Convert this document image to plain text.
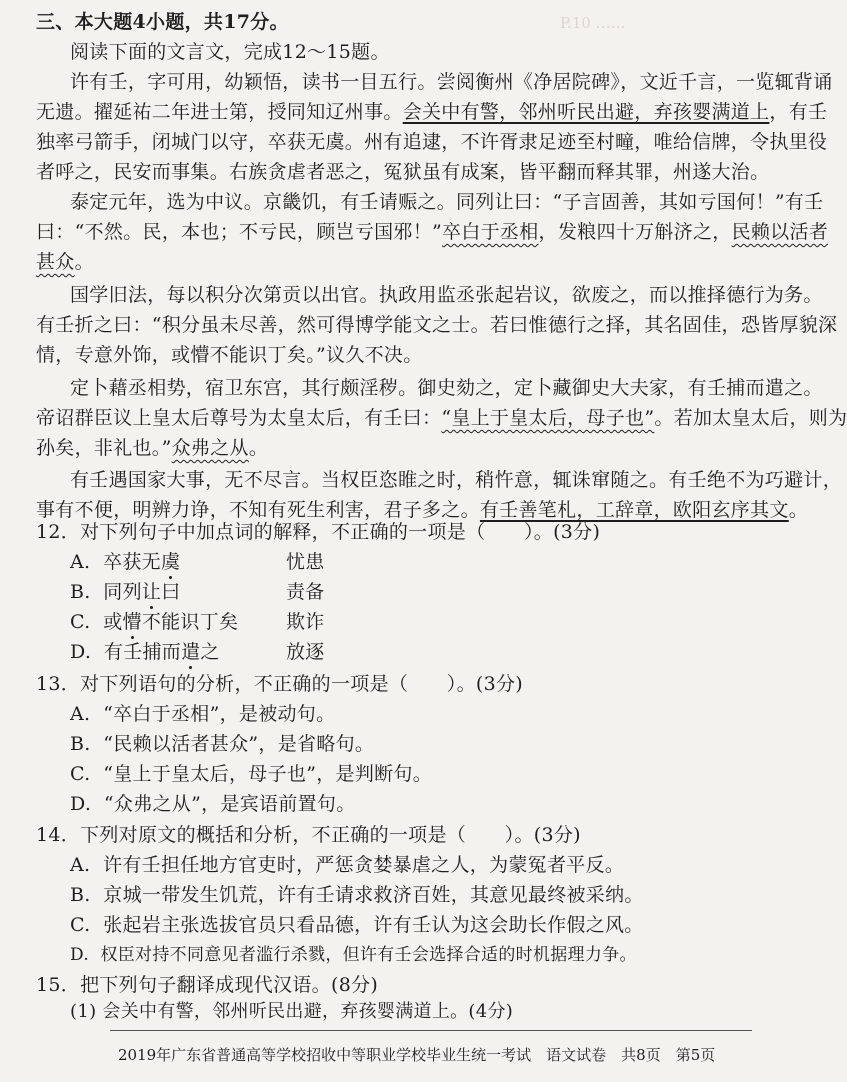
P.10 ……
三、本大题4小题，共17分。
阅读下面的文言文，完成12～15题。
许有壬，字可用，幼颖悟，读书一目五行。尝阅衡州《净居院碑》，文近千言，一览辄背诵
无遗。擢延祐二年进士第，授同知辽州事。会关中有警，邻州听民出避，弃孩婴满道上，有壬
独率弓箭手，闭城门以守，卒获无虞。州有追逮，不许胥隶足迹至村疃，唯给信牌，令执里役
者呼之，民安而事集。右族贪虐者恶之，冤狱虽有成案，皆平翻而释其罪，州遂大治。
泰定元年，选为中议。京畿饥，有壬请赈之。同列让曰：“子言固善，其如亏国何！”有壬
曰：“不然。民，本也；不亏民，顾岂亏国邪！”卒白于丞相，发粮四十万斛济之，民赖以活者
甚众。
国学旧法，每以积分次第贡以出官。执政用监丞张起岩议，欲废之，而以推择德行为务。
有壬折之曰：“积分虽未尽善，然可得博学能文之士。若曰惟德行之择，其名固佳，恐皆厚貌深
情，专意外饰，或懵不能识丁矣。”议久不决。
定卜藉丞相势，宿卫东宫，其行颇淫秽。御史劾之，定卜藏御史大夫家，有壬捕而遣之。
帝诏群臣议上皇太后尊号为太皇太后，有壬曰：“皇上于皇太后，母子也”。若加太皇太后，则为
孙矣，非礼也。”众弗之从。
有壬遇国家大事，无不尽言。当权臣恣睢之时，稍忤意，辄诛窜随之。有壬绝不为巧避计，
事有不便，明辨力诤，不知有死生利害，君子多之。有壬善笔札，工辞章，欧阳玄序其文。
12．对下列句子中加点词的解释，不正确的一项是（　　）。(3分)
A. 卒获无虞	忧患
B. 同列让曰	责备
C. 或懵不能识丁矣	欺诈
D. 有壬捕而遣之	放逐
13．对下列语句的分析，不正确的一项是（　　）。(3分)
A. “卒白于丞相”，是被动句。
B. “民赖以活者甚众”，是省略句。
C. “皇上于皇太后，母子也”，是判断句。
D. “众弗之从”，是宾语前置句。
14．下列对原文的概括和分析，不正确的一项是（　　）。(3分)
A. 许有壬担任地方官吏时，严惩贪婪暴虐之人，为蒙冤者平反。
B. 京城一带发生饥荒，许有壬请求救济百姓，其意见最终被采纳。
C. 张起岩主张选拔官员只看品德，许有壬认为这会助长作假之风。
D. 权臣对持不同意见者滥行杀戮，但许有壬会选择合适的时机据理力争。
2019年广东省普通高等学校招收中等职业学校毕业生统一考试　语文试卷　共8页　第5页
15．把下列句子翻译成现代汉语。(8分)
(1) 会关中有警，邻州听民出避，弃孩婴满道上。(4分)
